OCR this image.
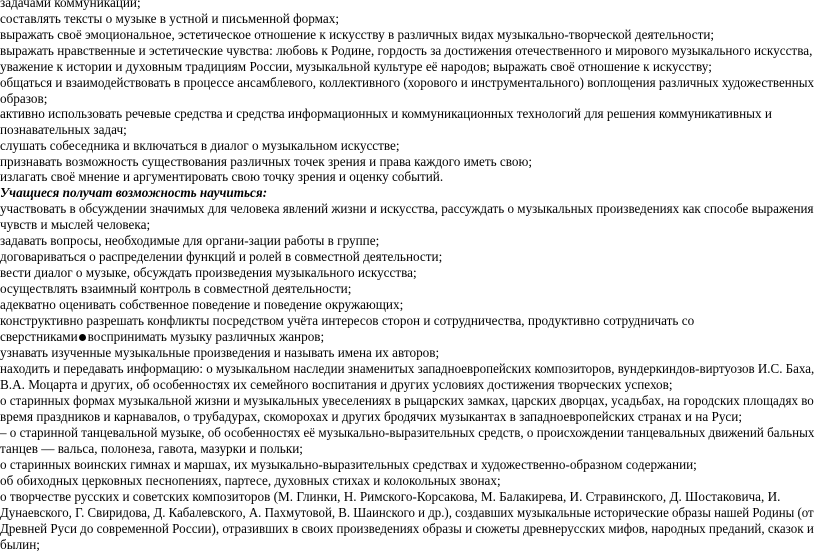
задачами коммуникации;
составлять тексты о музыке в устной и письменной формах;
выражать своё эмоциональное, эстетическое отношение к искусству в различных видах музыкально-творческой деятельности;
выражать нравственные и эстетические чувства: любовь к Родине, гордость за достижения отечественного и мирового музыкального искусства,
уважение к истории и духовным традициям России, музыкальной культуре её народов; выражать своё отношение к искусству;
общаться и взаимодействовать в процессе ансамблевого, коллективного (хорового и инструментального) воплощения различных художественных
образов;
активно использовать речевые средства и средства информационных и коммуникационных технологий для решения коммуникативных и
познавательных задач;
слушать собеседника и включаться в диалог о музыкальном искусстве;
признавать возможность существования различных точек зрения и права каждого иметь свою;
излагать своё мнение и аргументировать свою точку зрения и оценку событий.
Учащиеся получат возможность научиться:
участвовать в обсуждении значимых для человека явлений жизни и искусства, рассуждать о музыкальных произведениях как способе выражения
чувств и мыслей человека;
задавать вопросы, необходимые для органи-зации работы в группе;
договариваться о распределении функций и ролей в совместной деятельности;
вести диалог о музыке, обсуждать произведения музыкального искусства;
осуществлять взаимный контроль в совместной деятельности;
адекватно оценивать собственное поведение и поведение окружающих;
конструктивно разрешать конфликты посредством учёта интересов сторон и сотрудничества, продуктивно сотрудничать со
сверстниками воспринимать музыку различных жанров;
узнавать изученные музыкальные произведения и называть имена их авторов;
находить и передавать информацию: о музыкальном наследии знаменитых западноевропейских композиторов, вундеркиндов-виртуозов И.С. Баха,
В.А. Моцарта и других, об особенностях их семейного воспитания и других условиях достижения творческих успехов;
о старинных формах музыкальной жизни и музыкальных увеселениях в рыцарских замках, царских дворцах, усадьбах, на городских площадях во
время праздников и карнавалов, о трубадурах, скоморохах и других бродячих музыкантах в западноевропейских странах и на Руси;
– о старинной танцевальной музыке, об особенностях её музыкально-выразительных средств, о происхождении танцевальных движений бальных
танцев — вальса, полонеза, гавота, мазурки и польки;
о старинных воинских гимнах и маршах, их музыкально-выразительных средствах и художественно-образном содержании;
об обиходных церковных песнопениях, партесе, духовных стихах и колокольных звонах;
о творчестве русских и советских композиторов (М. Глинки, Н. Римского-Корсакова, М. Балакирева, И. Стравинского, Д. Шостаковича, И.
Дунаевского, Г. Свиридова, Д. Кабалевского, А. Пахмутовой, В. Шаинского и др.), создавших музыкальные исторические образы нашей Родины (от
Древней Руси до современной России), отразивших в своих произведениях образы и сюжеты древнерусских мифов, народных преданий, сказок и
былин;
